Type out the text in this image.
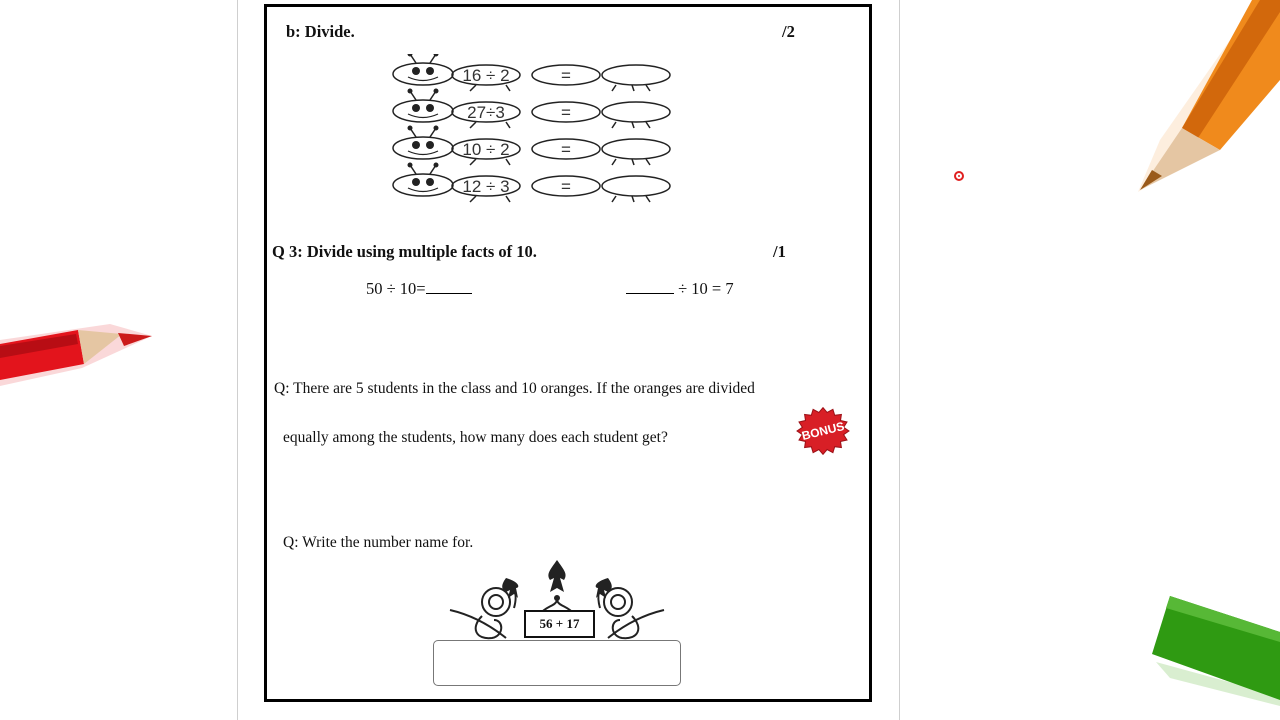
b: Divide.	/2
16 ÷ 2	=
27÷3	=
10 ÷ 2	=
12 ÷ 3	=
Q 3: Divide using multiple facts of 10.	/1
50 ÷ 10=	÷ 10 = 7
Q: There are 5 students in the class and 10 oranges. If the oranges are divided
equally among the students, how many does each student get?	BONUS
Q: Write the number name for.
56 + 17
